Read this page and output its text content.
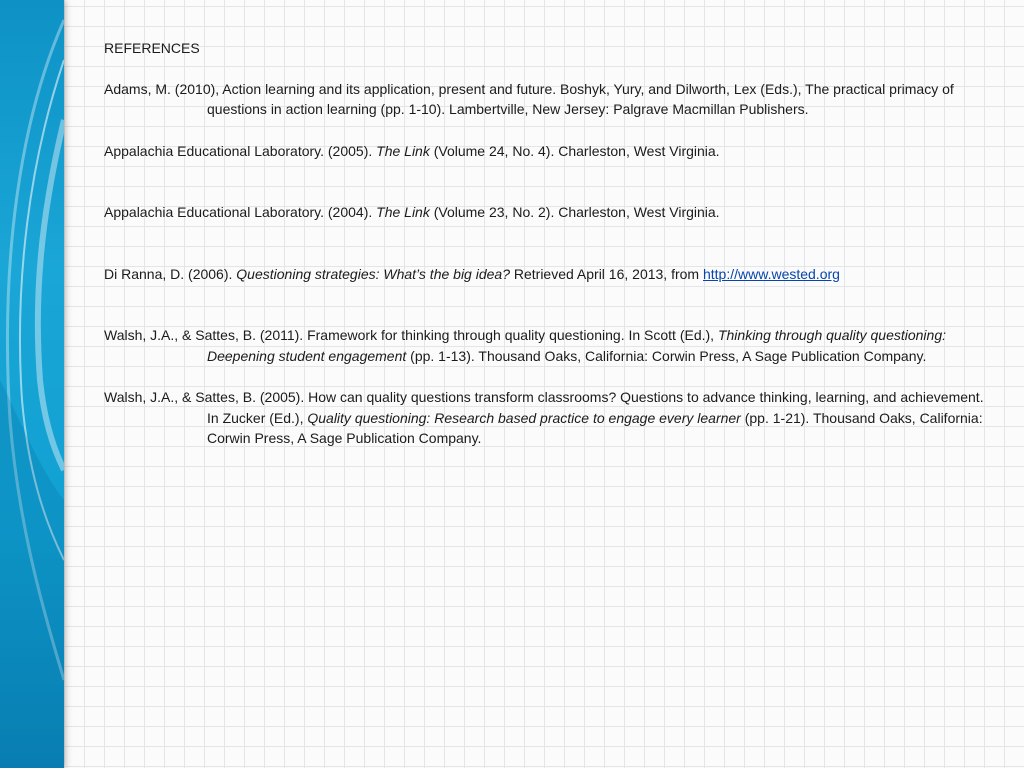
REFERENCES

Adams, M. (2010), Action learning and its application, present and future. Boshyk, Yury, and Dilworth, Lex (Eds.), The practical primacy of questions in action learning (pp. 1-10). Lambertville, New Jersey: Palgrave Macmillan Publishers.

Appalachia Educational Laboratory. (2005). The Link (Volume 24, No. 4). Charleston, West Virginia.

Appalachia Educational Laboratory. (2004). The Link (Volume 23, No. 2). Charleston, West Virginia.

Di Ranna, D. (2006). Questioning strategies: What’s the big idea? Retrieved April 16, 2013, from http://www.wested.org

Walsh, J.A., & Sattes, B. (2011). Framework for thinking through quality questioning. In Scott (Ed.), Thinking through quality questioning: Deepening student engagement (pp. 1-13). Thousand Oaks, California: Corwin Press, A Sage Publication Company.

Walsh, J.A., & Sattes, B. (2005). How can quality questions transform classrooms? Questions to advance thinking, learning, and achievement. In Zucker (Ed.), Quality questioning: Research based practice to engage every learner (pp. 1-21). Thousand Oaks, California: Corwin Press, A Sage Publication Company.
